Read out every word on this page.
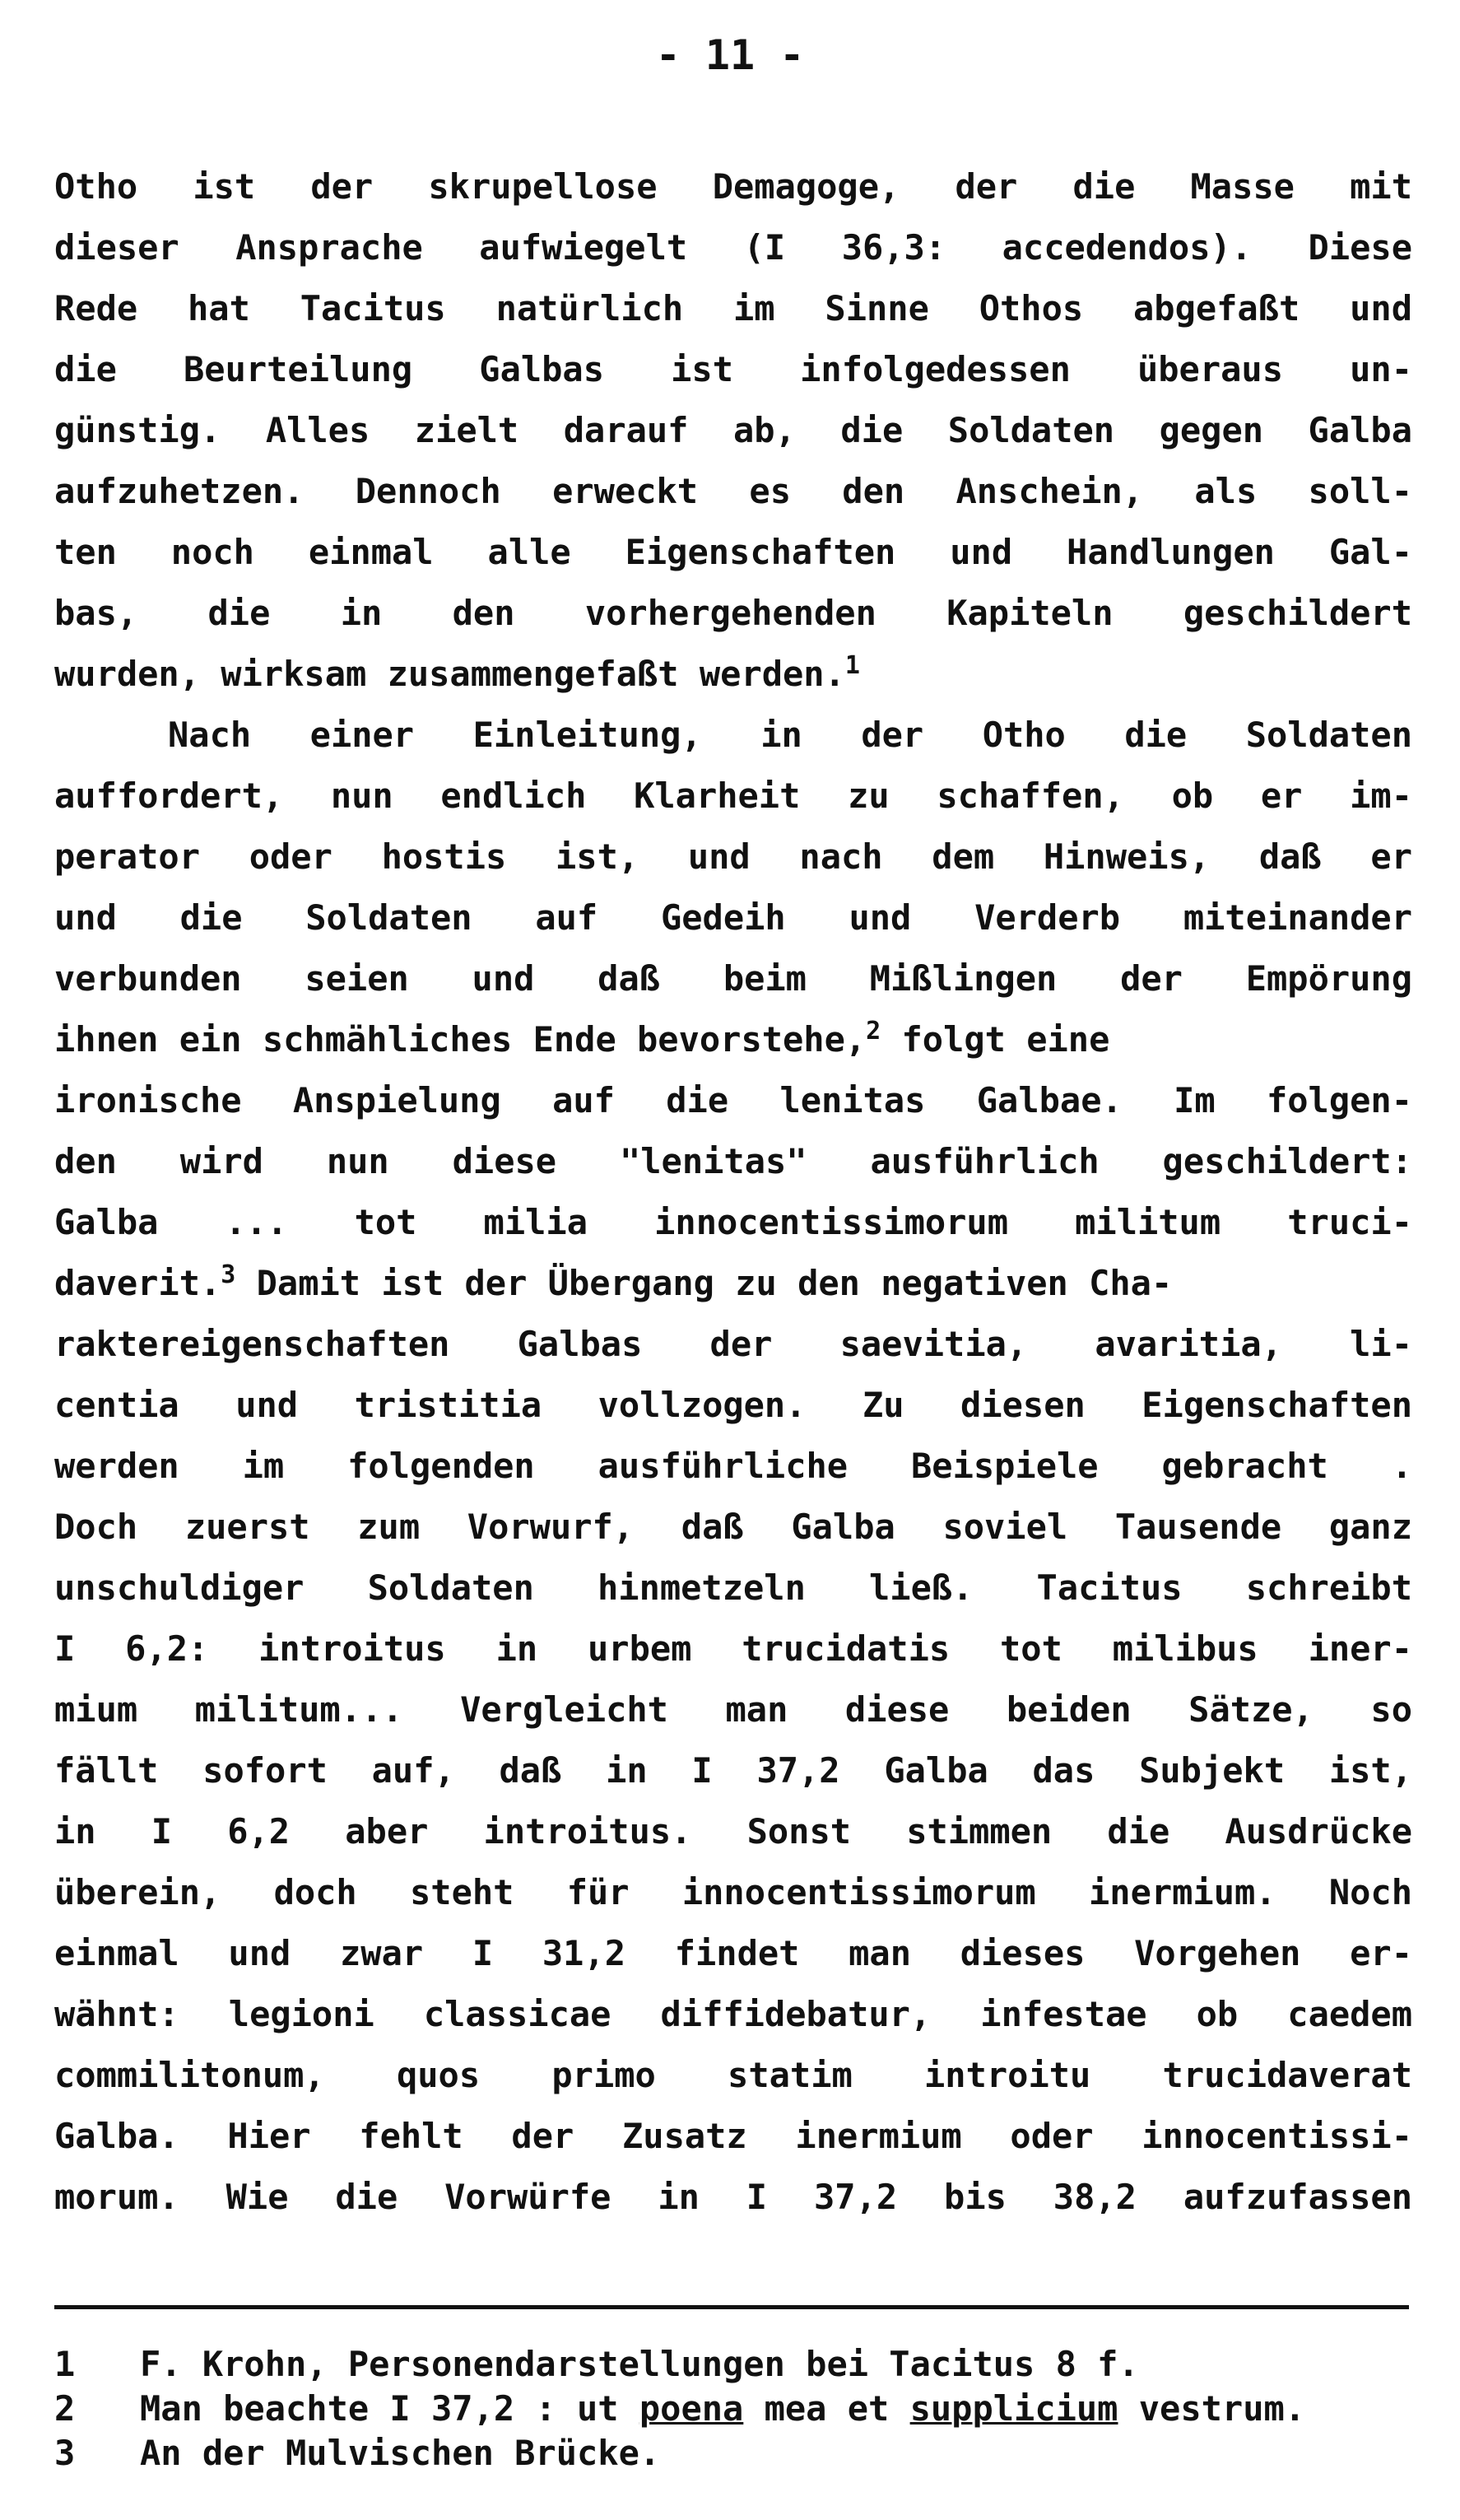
- 11 -
Otho ist der skrupellose Demagoge, der die Masse mit
dieser Ansprache aufwiegelt (I 36,3: accedendos). Diese
Rede hat Tacitus natürlich im Sinne Othos abgefaßt und
die Beurteilung Galbas ist infolgedessen überaus un-
günstig. Alles zielt darauf ab, die Soldaten gegen Galba
aufzuhetzen. Dennoch erweckt es den Anschein, als soll-
ten noch einmal alle Eigenschaften und Handlungen Gal-
bas, die in den vorhergehenden Kapiteln geschildert
wurden, wirksam zusammengefaßt werden.$^1$
Nach einer Einleitung, in der Otho die Soldaten
auffordert, nun endlich Klarheit zu schaffen, ob er im-
perator oder hostis ist, und nach dem Hinweis, daß er
und die Soldaten auf Gedeih und Verderb miteinander
verbunden seien und daß beim Mißlingen der Empörung
ihnen ein schmähliches Ende bevorstehe,$^2$ folgt eine
ironische Anspielung auf die lenitas Galbae. Im folgen-
den wird nun diese "lenitas" ausführlich geschildert:
Galba ... tot milia innocentissimorum militum truci-
daverit.$^3$ Damit ist der Übergang zu den negativen Cha-
raktereigenschaften Galbas der saevitia, avaritia, li-
centia und tristitia vollzogen. Zu diesen Eigenschaften
werden im folgenden ausführliche Beispiele gebracht .
Doch zuerst zum Vorwurf, daß Galba soviel Tausende ganz
unschuldiger Soldaten hinmetzeln ließ. Tacitus schreibt
I 6,2: introitus in urbem trucidatis tot milibus iner-
mium militum... Vergleicht man diese beiden Sätze, so
fällt sofort auf, daß in I 37,2 Galba das Subjekt ist,
in I 6,2 aber introitus. Sonst stimmen die Ausdrücke
überein, doch steht für innocentissimorum inermium. Noch
einmal und zwar I 31,2 findet man dieses Vorgehen er-
wähnt: legioni classicae diffidebatur, infestae ob caedem
commilitonum, quos primo statim introitu trucidaverat
Galba. Hier fehlt der Zusatz inermium oder innocentissi-
morum. Wie die Vorwürfe in I 37,2 bis 38,2 aufzufassen
1	F. Krohn, Personendarstellungen bei Tacitus 8 f.
2	Man beachte I 37,2 : ut poena mea et supplicium vestrum.
3	An der Mulvischen Brücke.
